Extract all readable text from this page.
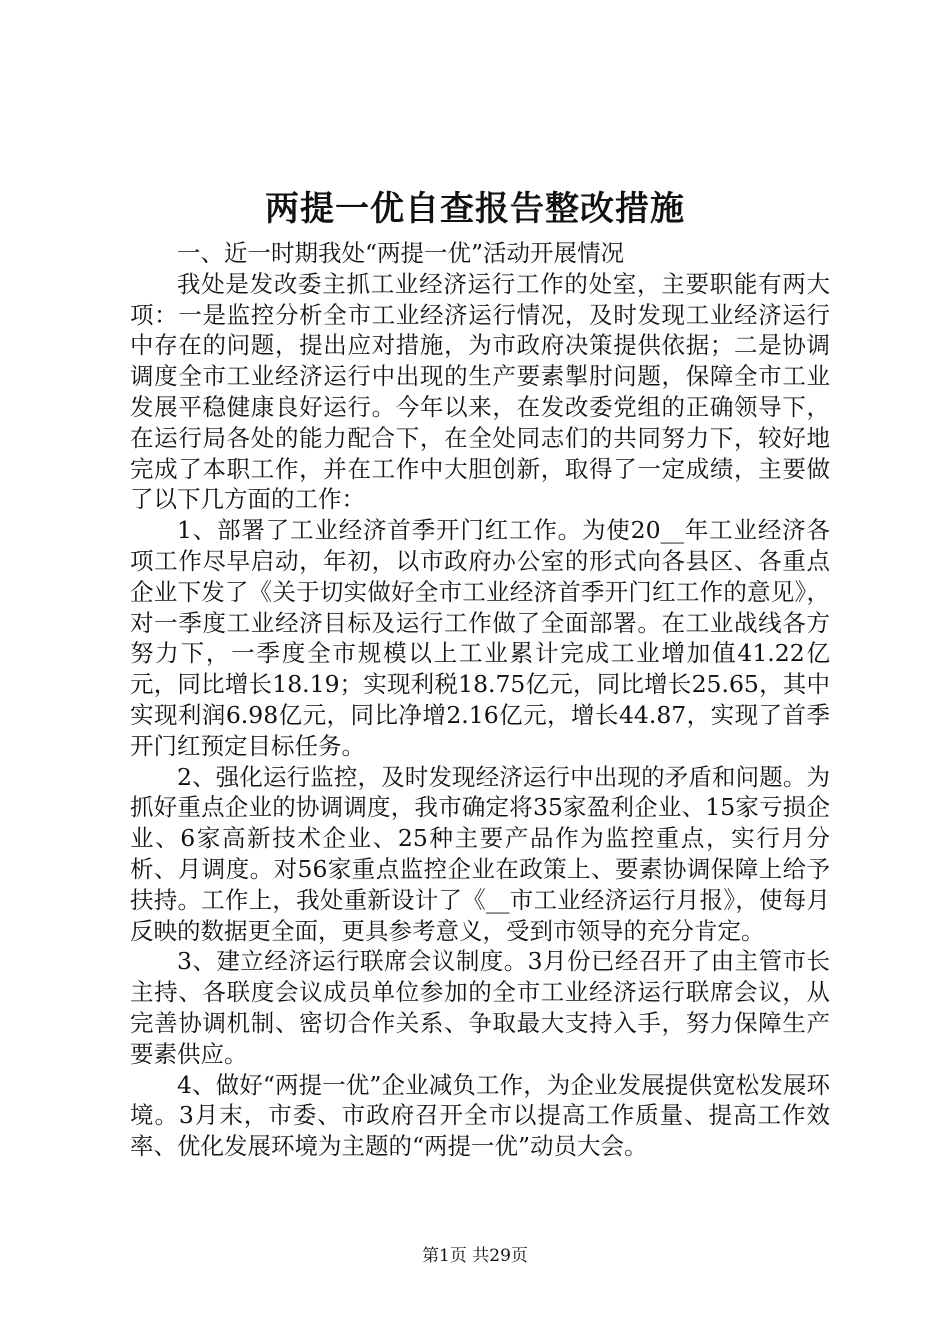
两提一优自查报告整改措施

一、近一时期我处“两提一优”活动开展情况

我处是发改委主抓工业经济运行工作的处室，主要职能有两大项：一是监控分析全市工业经济运行情况，及时发现工业经济运行中存在的问题，提出应对措施，为市政府决策提供依据；二是协调调度全市工业经济运行中出现的生产要素掣肘问题，保障全市工业发展平稳健康良好运行。今年以来，在发改委党组的正确领导下，在运行局各处的能力配合下，在全处同志们的共同努力下，较好地完成了本职工作，并在工作中大胆创新，取得了一定成绩，主要做了以下几方面的工作：

1、部署了工业经济首季开门红工作。为使20__年工业经济各项工作尽早启动，年初，以市政府办公室的形式向各县区、各重点企业下发了《关于切实做好全市工业经济首季开门红工作的意见》，对一季度工业经济目标及运行工作做了全面部署。在工业战线各方努力下，一季度全市规模以上工业累计完成工业增加值41.22亿元，同比增长18.19；实现利税18.75亿元，同比增长25.65，其中实现利润6.98亿元，同比净增2.16亿元，增长44.87，实现了首季开门红预定目标任务。

2、强化运行监控，及时发现经济运行中出现的矛盾和问题。为抓好重点企业的协调调度，我市确定将35家盈利企业、15家亏损企业、6家高新技术企业、25种主要产品作为监控重点，实行月分析、月调度。对56家重点监控企业在政策上、要素协调保障上给予扶持。工作上，我处重新设计了《__市工业经济运行月报》，使每月反映的数据更全面，更具参考意义，受到市领导的充分肯定。

3、建立经济运行联席会议制度。3月份已经召开了由主管市长主持、各联度会议成员单位参加的全市工业经济运行联席会议，从完善协调机制、密切合作关系、争取最大支持入手，努力保障生产要素供应。

4、做好“两提一优”企业减负工作，为企业发展提供宽松发展环境。3月末，市委、市政府召开全市以提高工作质量、提高工作效率、优化发展环境为主题的“两提一优”动员大会。

第1页 共29页
